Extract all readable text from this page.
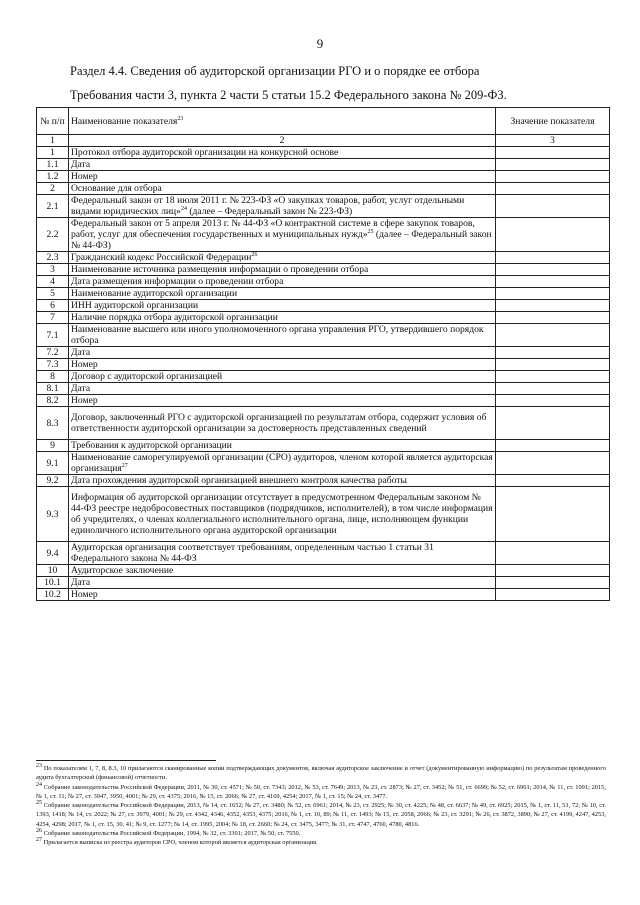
9
Раздел 4.4. Сведения об аудиторской организации РГО и о порядке ее отбора
Требования части 3, пункта 2 части 5 статьи 15.2 Федерального закона № 209-ФЗ.
№ п/п	Наименование показателя$^{23}$	Значение показателя
1	2	3
1	Протокол отбора аудиторской организации на конкурсной основе	
1.1	Дата	
1.2	Номер	
2	Основание для отбора	
2.1	Федеральный закон от 18 июля 2011 г. № 223-ФЗ «О закупках товаров, работ, услуг отдельными видами юридических лиц»$^{24}$ (далее – Федеральный закон № 223-ФЗ)	
2.2	Федеральный закон от 5 апреля 2013 г. № 44-ФЗ «О контрактной системе в сфере закупок товаров, работ, услуг для обеспечения государственных и муниципальных нужд»$^{25}$ (далее – Федеральный закон № 44-ФЗ)	
2.3	Гражданский кодекс Российской Федерации$^{26}$	
3	Наименование источника размещения информации о проведении отбора	
4	Дата размещения информации о проведении отбора	
5	Наименование аудиторской организации	
6	ИНН аудиторской организации	
7	Наличие порядка отбора аудиторской организации	
7.1	Наименование высшего или иного уполномоченного органа управления РГО, утвердившего порядок отбора	
7.2	Дата	
7.3	Номер	
8	Договор с аудиторской организацией	
8.1	Дата	
8.2	Номер	
8.3	Договор, заключенный РГО с аудиторской организацией по результатам отбора, содержит условия об ответственности аудиторской организации за достоверность представленных сведений	
9	Требования к аудиторской организации	
9.1	Наименование саморегулируемой организации (СРО) аудиторов, членом которой является аудиторская организация$^{27}$	
9.2	Дата прохождения аудиторской организацией внешнего контроля качества работы	
9.3	Информация об аудиторской организации отсутствует в предусмотренном Федеральным законом № 44-ФЗ реестре недобросовестных поставщиков (подрядчиков, исполнителей), в том числе информация об учредителях, о членах коллегиального исполнительного органа, лице, исполняющем функции единоличного исполнительного органа аудиторской организации	
9.4	Аудиторская организация соответствует требованиям, определенным частью 1 статьи 31 Федерального закона № 44-ФЗ	
10	Аудиторское заключение	
10.1	Дата	
10.2	Номер	

$^{23}$ По показателям 1, 7, 8, 8.3, 10 прилагаются сканированные копии подтверждающих документов, включая аудиторское заключение и отчет (документированную информацию) по результатам проведенного аудита бухгалтерской (финансовой) отчетности.

$^{24}$ Собрание законодательства Российской Федерации, 2011, № 30, ст. 4571; № 50, ст. 7343; 2012, № 53, ст. 7649; 2013, № 23, ст. 2873; № 27, ст. 3452; № 51, ст. 6699; № 52, ст. 6961; 2014, № 11, ст. 1091; 2015, № 1, ст. 11; № 27, ст. 3947, 3950, 4001; № 29, ст. 4375; 2016, № 15, ст. 2066; № 27, ст. 4169, 4254; 2017, № 1, ст. 15; № 24, ст. 3477.

$^{25}$ Собрание законодательства Российской Федерации, 2013, № 14, ст. 1652; № 27, ст. 3480; № 52, ст. 6961; 2014, № 23, ст. 2925; № 30, ст. 4225; № 48, ст. 6637; № 49, ст. 6925; 2015, № 1, ст. 11, 51, 72; № 10, ст. 1393, 1418; № 14, ст. 2022; № 27, ст. 3979, 4001; № 29, ст. 4342, 4346, 4352, 4353, 4375; 2016, № 1, ст. 10, 89; № 11, ст. 1493; № 15, ст. 2058, 2066; № 23, ст. 3291; № 26, ст. 3872, 3890; № 27, ст. 4199, 4247, 4253, 4254, 4298; 2017, № 1, ст. 15, 30, 41; № 9, ст. 1277; № 14, ст. 1995, 2004; № 18, ст. 2660; № 24, ст. 3475, 3477; № 31, ст. 4747, 4760, 4780, 4816.

$^{26}$ Собрание законодательства Российской Федерации, 1994, № 32, ст. 3301; 2017, № 50, ст. 7550.

$^{27}$ Прилагается выписка из реестра аудиторов СРО, членом которой является аудиторская организация.
